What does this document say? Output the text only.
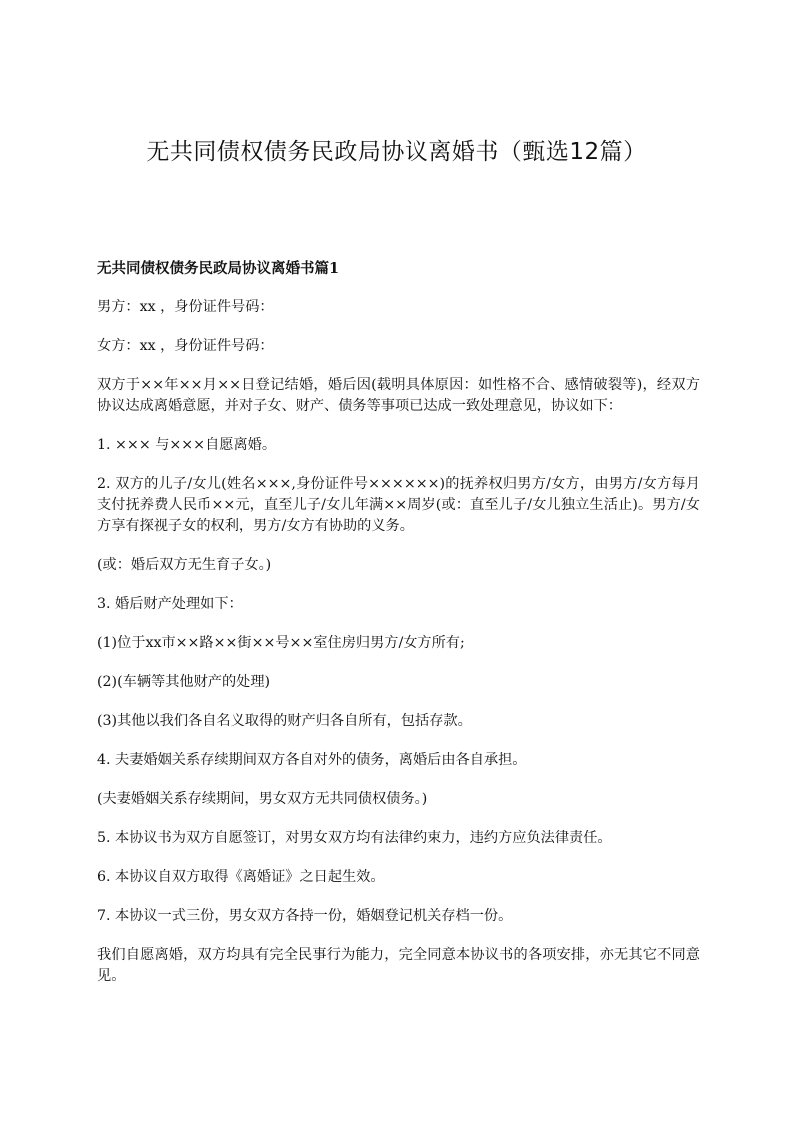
无共同债权债务民政局协议离婚书（甄选12篇）
无共同债权债务民政局协议离婚书篇1

男方：xx ，身份证件号码：

女方：xx ，身份证件号码：

双方于××年××月××日登记结婚，婚后因(载明具体原因：如性格不合、感情破裂等)，经双方协议达成离婚意愿，并对子女、财产、债务等事项已达成一致处理意见，协议如下：

1. ××× 与×××自愿离婚。

2. 双方的儿子/女儿(姓名×××,身份证件号××××××)的抚养权归男方/女方，由男方/女方每月支付抚养费人民币××元，直至儿子/女儿年满××周岁(或：直至儿子/女儿独立生活止)。男方/女方享有探视子女的权利，男方/女方有协助的义务。

(或：婚后双方无生育子女。)

3. 婚后财产处理如下：

(1)位于xx市××路××街××号××室住房归男方/女方所有;

(2)(车辆等其他财产的处理)

(3)其他以我们各自名义取得的财产归各自所有，包括存款。

4. 夫妻婚姻关系存续期间双方各自对外的债务，离婚后由各自承担。

(夫妻婚姻关系存续期间，男女双方无共同债权债务。)

5. 本协议书为双方自愿签订，对男女双方均有法律约束力，违约方应负法律责任。

6. 本协议自双方取得《离婚证》之日起生效。

7. 本协议一式三份，男女双方各持一份，婚姻登记机关存档一份。

我们自愿离婚，双方均具有完全民事行为能力，完全同意本协议书的各项安排，亦无其它不同意见。
